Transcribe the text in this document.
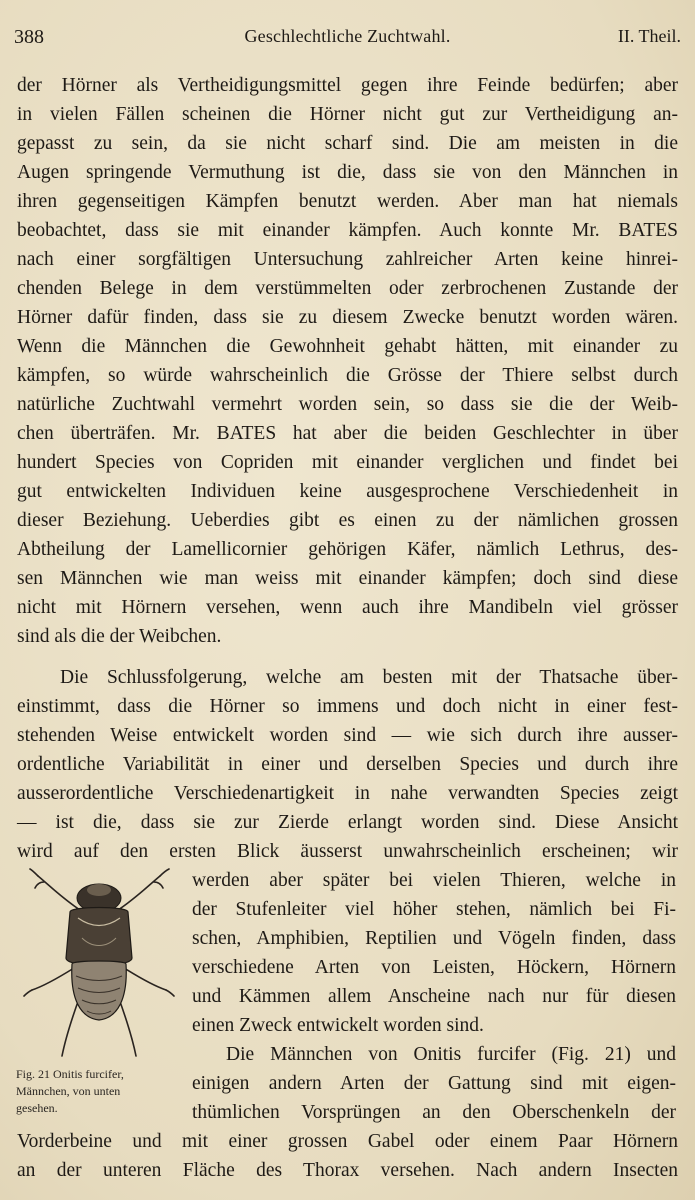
388	Geschlechtliche Zuchtwahl.	II. Theil.
der Hörner als Vertheidigungsmittel gegen ihre Feinde bedürfen; aber
in vielen Fällen scheinen die Hörner nicht gut zur Vertheidigung an-
gepasst zu sein, da sie nicht scharf sind. Die am meisten in die
Augen springende Vermuthung ist die, dass sie von den Männchen in
ihren gegenseitigen Kämpfen benutzt werden. Aber man hat niemals
beobachtet, dass sie mit einander kämpfen. Auch konnte Mr. BATES
nach einer sorgfältigen Untersuchung zahlreicher Arten keine hinrei-
chenden Belege in dem verstümmelten oder zerbrochenen Zustande der
Hörner dafür finden, dass sie zu diesem Zwecke benutzt worden wären.
Wenn die Männchen die Gewohnheit gehabt hätten, mit einander zu
kämpfen, so würde wahrscheinlich die Grösse der Thiere selbst durch
natürliche Zuchtwahl vermehrt worden sein, so dass sie die der Weib-
chen überträfen. Mr. BATES hat aber die beiden Geschlechter in über
hundert Species von Copriden mit einander verglichen und findet bei
gut entwickelten Individuen keine ausgesprochene Verschiedenheit in
dieser Beziehung. Ueberdies gibt es einen zu der nämlichen grossen
Abtheilung der Lamellicornier gehörigen Käfer, nämlich Lethrus, des-
sen Männchen wie man weiss mit einander kämpfen; doch sind diese
nicht mit Hörnern versehen, wenn auch ihre Mandibeln viel grösser
sind als die der Weibchen.
Die Schlussfolgerung, welche am besten mit der Thatsache über-
einstimmt, dass die Hörner so immens und doch nicht in einer fest-
stehenden Weise entwickelt worden sind — wie sich durch ihre ausser-
ordentliche Variabilität in einer und derselben Species und durch ihre
ausserordentliche Verschiedenartigkeit in nahe verwandten Species zeigt
— ist die, dass sie zur Zierde erlangt worden sind. Diese Ansicht
wird auf den ersten Blick äusserst unwahrscheinlich erscheinen; wir
werden aber später bei vielen Thieren, welche in
der Stufenleiter viel höher stehen, nämlich bei Fi-
schen, Amphibien, Reptilien und Vögeln finden, dass
verschiedene Arten von Leisten, Höckern, Hörnern
und Kämmen allem Anscheine nach nur für diesen
einen Zweck entwickelt worden sind.
Die Männchen von Onitis furcifer (Fig. 21) und
einigen andern Arten der Gattung sind mit eigen-
thümlichen Vorsprüngen an den Oberschenkeln der
Vorderbeine und mit einer grossen Gabel oder einem Paar Hörnern
an der unteren Fläche des Thorax versehen. Nach andern Insecten
Fig. 21 Onitis furcifer,
Männchen, von unten
gesehen.
